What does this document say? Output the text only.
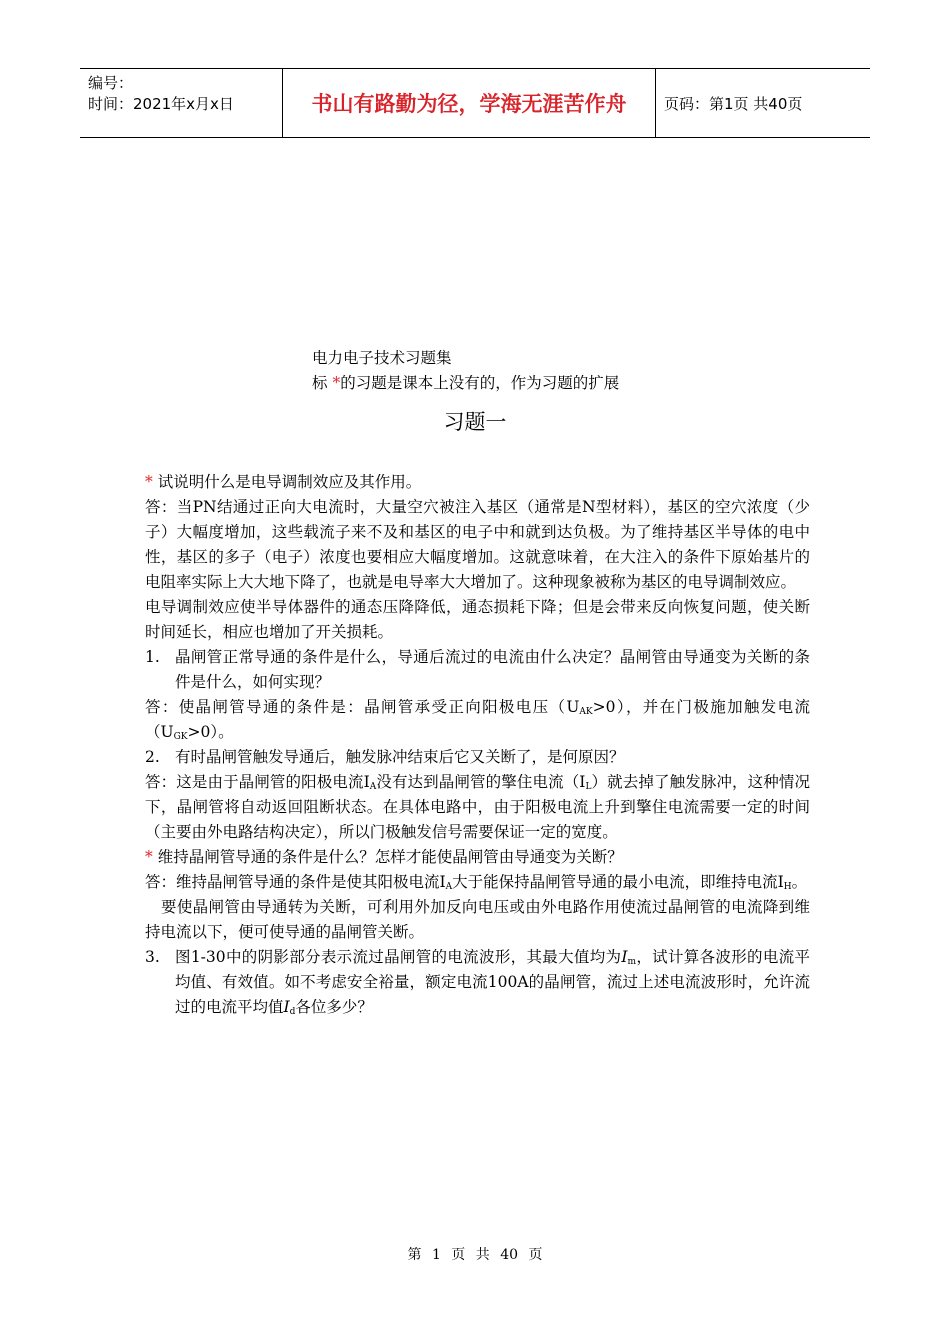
编号：
时间：2021年x月x日	书山有路勤为径，学海无涯苦作舟	页码：第1页 共40页
电力电子技术习题集
标 *的习题是课本上没有的，作为习题的扩展
习题一

* 试说明什么是电导调制效应及其作用。

答：当PN结通过正向大电流时，大量空穴被注入基区（通常是N型材料），基区的空穴浓度（少子）大幅度增加，这些载流子来不及和基区的电子中和就到达负极。为了维持基区半导体的电中性，基区的多子（电子）浓度也要相应大幅度增加。这就意味着，在大注入的条件下原始基片的电阻率实际上大大地下降了，也就是电导率大大增加了。这种现象被称为基区的电导调制效应。

电导调制效应使半导体器件的通态压降降低，通态损耗下降；但是会带来反向恢复问题，使关断时间延长，相应也增加了开关损耗。

1. 晶闸管正常导通的条件是什么，导通后流过的电流由什么决定？晶闸管由导通变为关断的条件是什么，如何实现？

答：使晶闸管导通的条件是：晶闸管承受正向阳极电压$(U_{AK}>0)$，并在门极施加触发电流$(U_{GK}>0)$。

2. 有时晶闸管触发导通后，触发脉冲结束后它又关断了，是何原因？

答：这是由于晶闸管的阳极电流$I_A$没有达到晶闸管的擎住电流$(I_L)$就去掉了触发脉冲，这种情况下，晶闸管将自动返回阻断状态。在具体电路中，由于阳极电流上升到擎住电流需要一定的时间（主要由外电路结构决定），所以门极触发信号需要保证一定的宽度。

* 维持晶闸管导通的条件是什么？怎样才能使晶闸管由导通变为关断？

答：维持晶闸管导通的条件是使其阳极电流$I_A$大于能保持晶闸管导通的最小电流，即维持电流$I_H$。

要使晶闸管由导通转为关断，可利用外加反向电压或由外电路作用使流过晶闸管的电流降到维持电流以下，便可使导通的晶闸管关断。

3. 图1-30中的阴影部分表示流过晶闸管的电流波形，其最大值均为$I_m$，试计算各波形的电流平均值、有效值。如不考虑安全裕量，额定电流100A的晶闸管，流过上述电流波形时，允许流过的电流平均值$I_d$各位多少？
第 1 页 共 40 页
